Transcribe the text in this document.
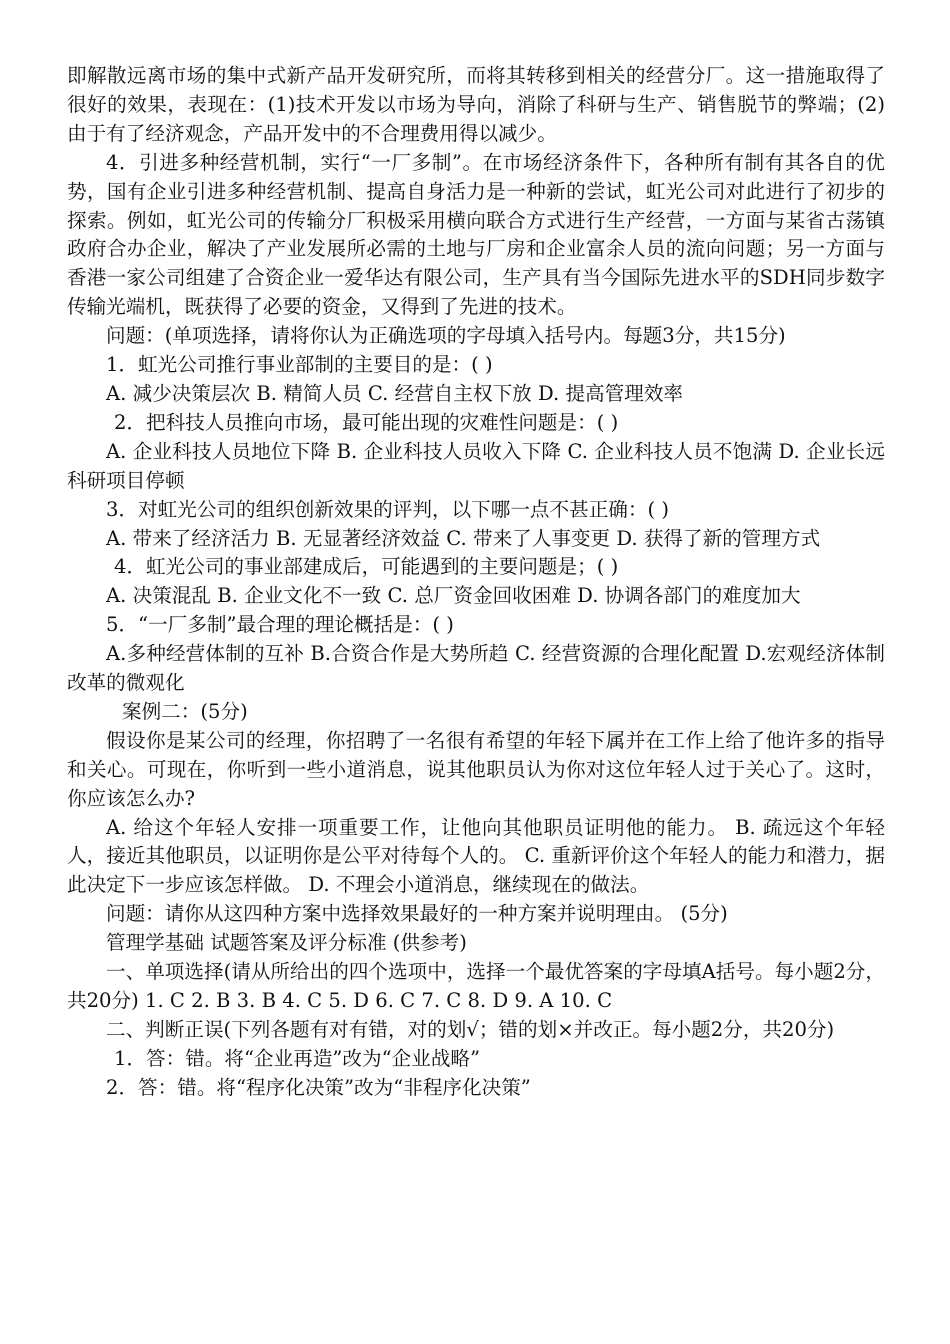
即解散远离市场的集中式新产品开发研究所，而将其转移到相关的经营分厂。这一措施取得了很好的效果，表现在：(1)技术开发以市场为导向，消除了科研与生产、销售脱节的弊端；(2)由于有了经济观念，产品开发中的不合理费用得以减少。

4．引进多种经营机制，实行“一厂多制”。在市场经济条件下，各种所有制有其各自的优势，国有企业引进多种经营机制、提高自身活力是一种新的尝试，虹光公司对此进行了初步的探索。例如，虹光公司的传输分厂积极采用横向联合方式进行生产经营，一方面与某省古荡镇政府合办企业，解决了产业发展所必需的土地与厂房和企业富余人员的流向问题；另一方面与香港一家公司组建了合资企业一爱华达有限公司，生产具有当今国际先进水平的SDH同步数字传输光端机，既获得了必要的资金，又得到了先进的技术。

问题：(单项选择，请将你认为正确选项的字母填入括号内。每题3分，共15分)

1．虹光公司推行事业部制的主要目的是：( )

A. 减少决策层次 B. 精简人员 C. 经营自主权下放 D. 提高管理效率

2．把科技人员推向市场，最可能出现的灾难性问题是：( )

A. 企业科技人员地位下降 B. 企业科技人员收入下降 C. 企业科技人员不饱满 D. 企业长远科研项目停顿

3．对虹光公司的组织创新效果的评判，以下哪一点不甚正确：( )

A. 带来了经济活力 B. 无显著经济效益 C. 带来了人事变更 D. 获得了新的管理方式

4．虹光公司的事业部建成后，可能遇到的主要问题是；( )

A. 决策混乱 B. 企业文化不一致 C. 总厂资金回收困难 D. 协调各部门的难度加大

5．“一厂多制”最合理的理论概括是：( )

A.多种经营体制的互补 B.合资合作是大势所趋 C. 经营资源的合理化配置 D.宏观经济体制改革的微观化

案例二：(5分)

假设你是某公司的经理，你招聘了一名很有希望的年轻下属并在工作上给了他许多的指导和关心。可现在，你听到一些小道消息，说其他职员认为你对这位年轻人过于关心了。这时，你应该怎么办?

A. 给这个年轻人安排一项重要工作，让他向其他职员证明他的能力。 B. 疏远这个年轻人，接近其他职员，以证明你是公平对待每个人的。 C. 重新评价这个年轻人的能力和潜力，据此决定下一步应该怎样做。 D. 不理会小道消息，继续现在的做法。

问题：请你从这四种方案中选择效果最好的一种方案并说明理由。 (5分)

管理学基础 试题答案及评分标准 (供参考)

一、单项选择(请从所给出的四个选项中，选择一个最优答案的字母填A括号。每小题2分，共20分) 1. C 2. B 3. B 4. C 5. D 6. C 7. C 8. D 9. A 10. C

二、判断正误(下列各题有对有错，对的划√；错的划×并改正。每小题2分，共20分)

1．答：错。将“企业再造”改为“企业战略”

2．答：错。将“程序化决策”改为“非程序化决策”
